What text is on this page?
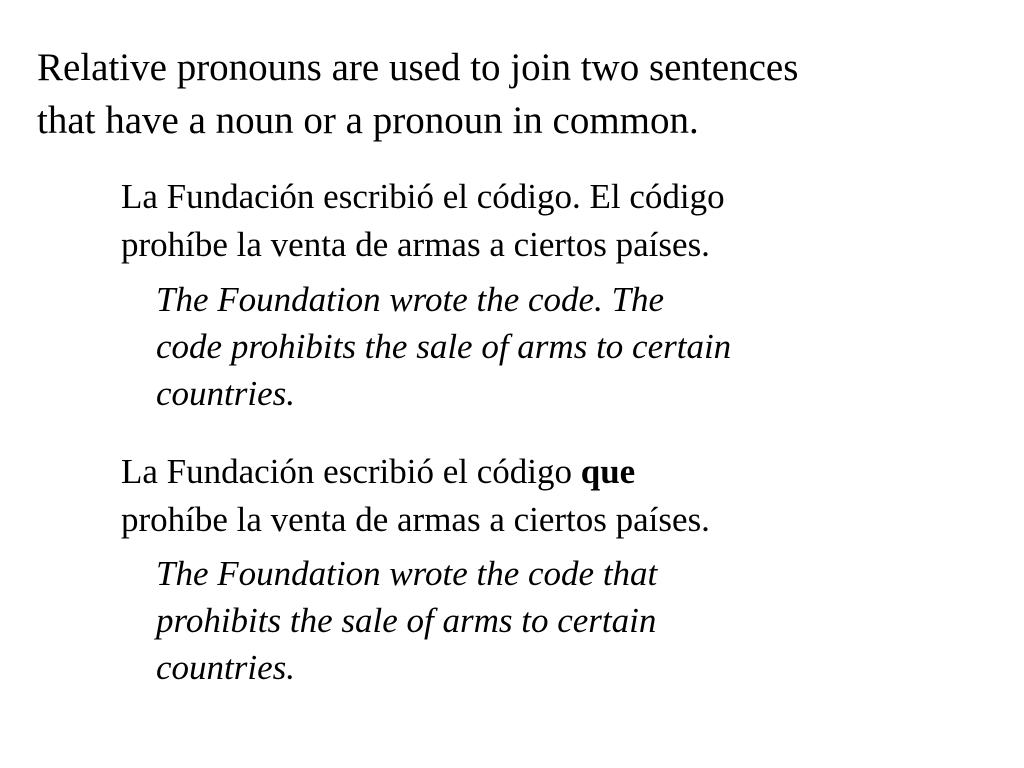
Relative pronouns are used to join two sentences
that have a noun or a pronoun in common.

La Fundación escribió el código. El código
prohíbe la venta de armas a ciertos países.

The Foundation wrote the code. The
code prohibits the sale of arms to certain
countries.

La Fundación escribió el código que
prohíbe la venta de armas a ciertos países.

The Foundation wrote the code that
prohibits the sale of arms to certain
countries.
